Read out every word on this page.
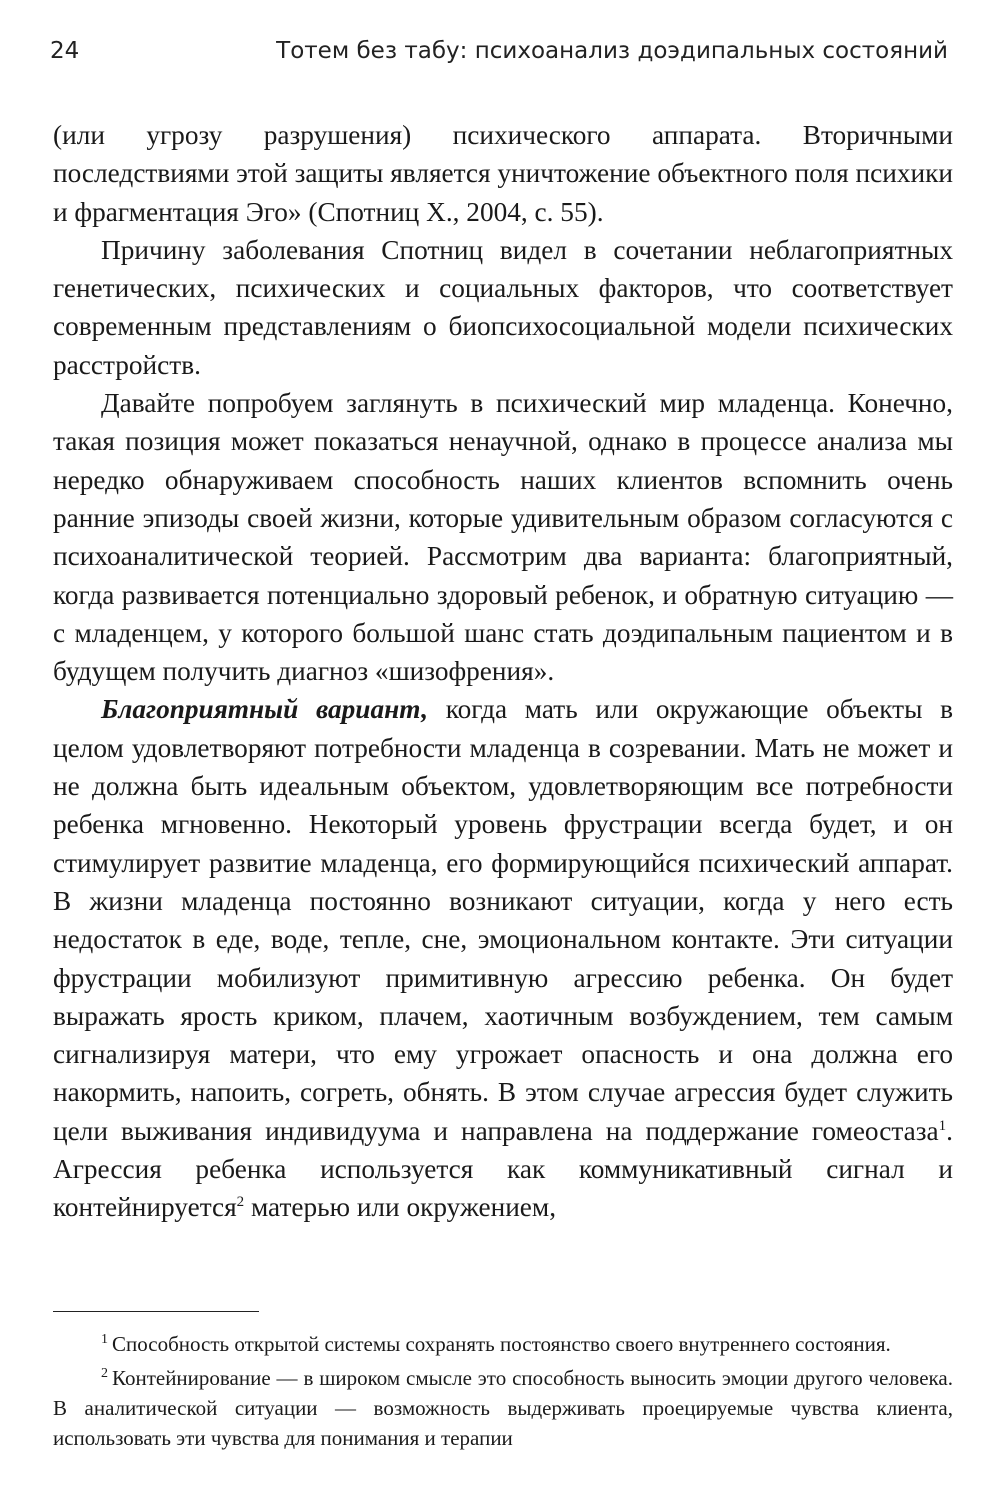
24	Тотем без табу: психоанализ доэдипальных состояний

(или угрозу разрушения) психического аппарата. Вторичными последствиями этой защиты является уничтожение объектного поля психики и фрагментация Эго» (Спотниц Х., 2004, с. 55).

Причину заболевания Спотниц видел в сочетании неблагоприятных генетических, психических и социальных факторов, что соответствует современным представлениям о биопсихосоциальной модели психических расстройств.

Давайте попробуем заглянуть в психический мир младенца. Конечно, такая позиция может показаться ненаучной, однако в процессе анализа мы нередко обнаруживаем способность наших клиентов вспомнить очень ранние эпизоды своей жизни, которые удивительным образом согласуются с психоаналитической теорией. Рассмотрим два варианта: благоприятный, когда развивается потенциально здоровый ребенок, и обратную ситуацию — с младенцем, у которого большой шанс стать доэдипальным пациентом и в будущем получить диагноз «шизофрения».

Благоприятный вариант, когда мать или окружающие объекты в целом удовлетворяют потребности младенца в созревании. Мать не может и не должна быть идеальным объектом, удовлетворяющим все потребности ребенка мгновенно. Некоторый уровень фрустрации всегда будет, и он стимулирует развитие младенца, его формирующийся психический аппарат. В жизни младенца постоянно возникают ситуации, когда у него есть недостаток в еде, воде, тепле, сне, эмоциональном контакте. Эти ситуации фрустрации мобилизуют примитивную агрессию ребенка. Он будет выражать ярость криком, плачем, хаотичным возбуждением, тем самым сигнализируя матери, что ему угрожает опасность и она должна его накормить, напоить, согреть, обнять. В этом случае агрессия будет служить цели выживания индивидуума и направлена на поддержание гомеостаза$^1$. Агрессия ребенка используется как коммуникативный сигнал и контейнируется$^2$ матерью или окружением,

$^1$ Способность открытой системы сохранять постоянство своего внутреннего состояния.

$^2$ Контейнирование — в широком смысле это способность выносить эмоции другого человека. В аналитической ситуации — возможность выдерживать проецируемые чувства клиента, использовать эти чувства для понимания и терапии
